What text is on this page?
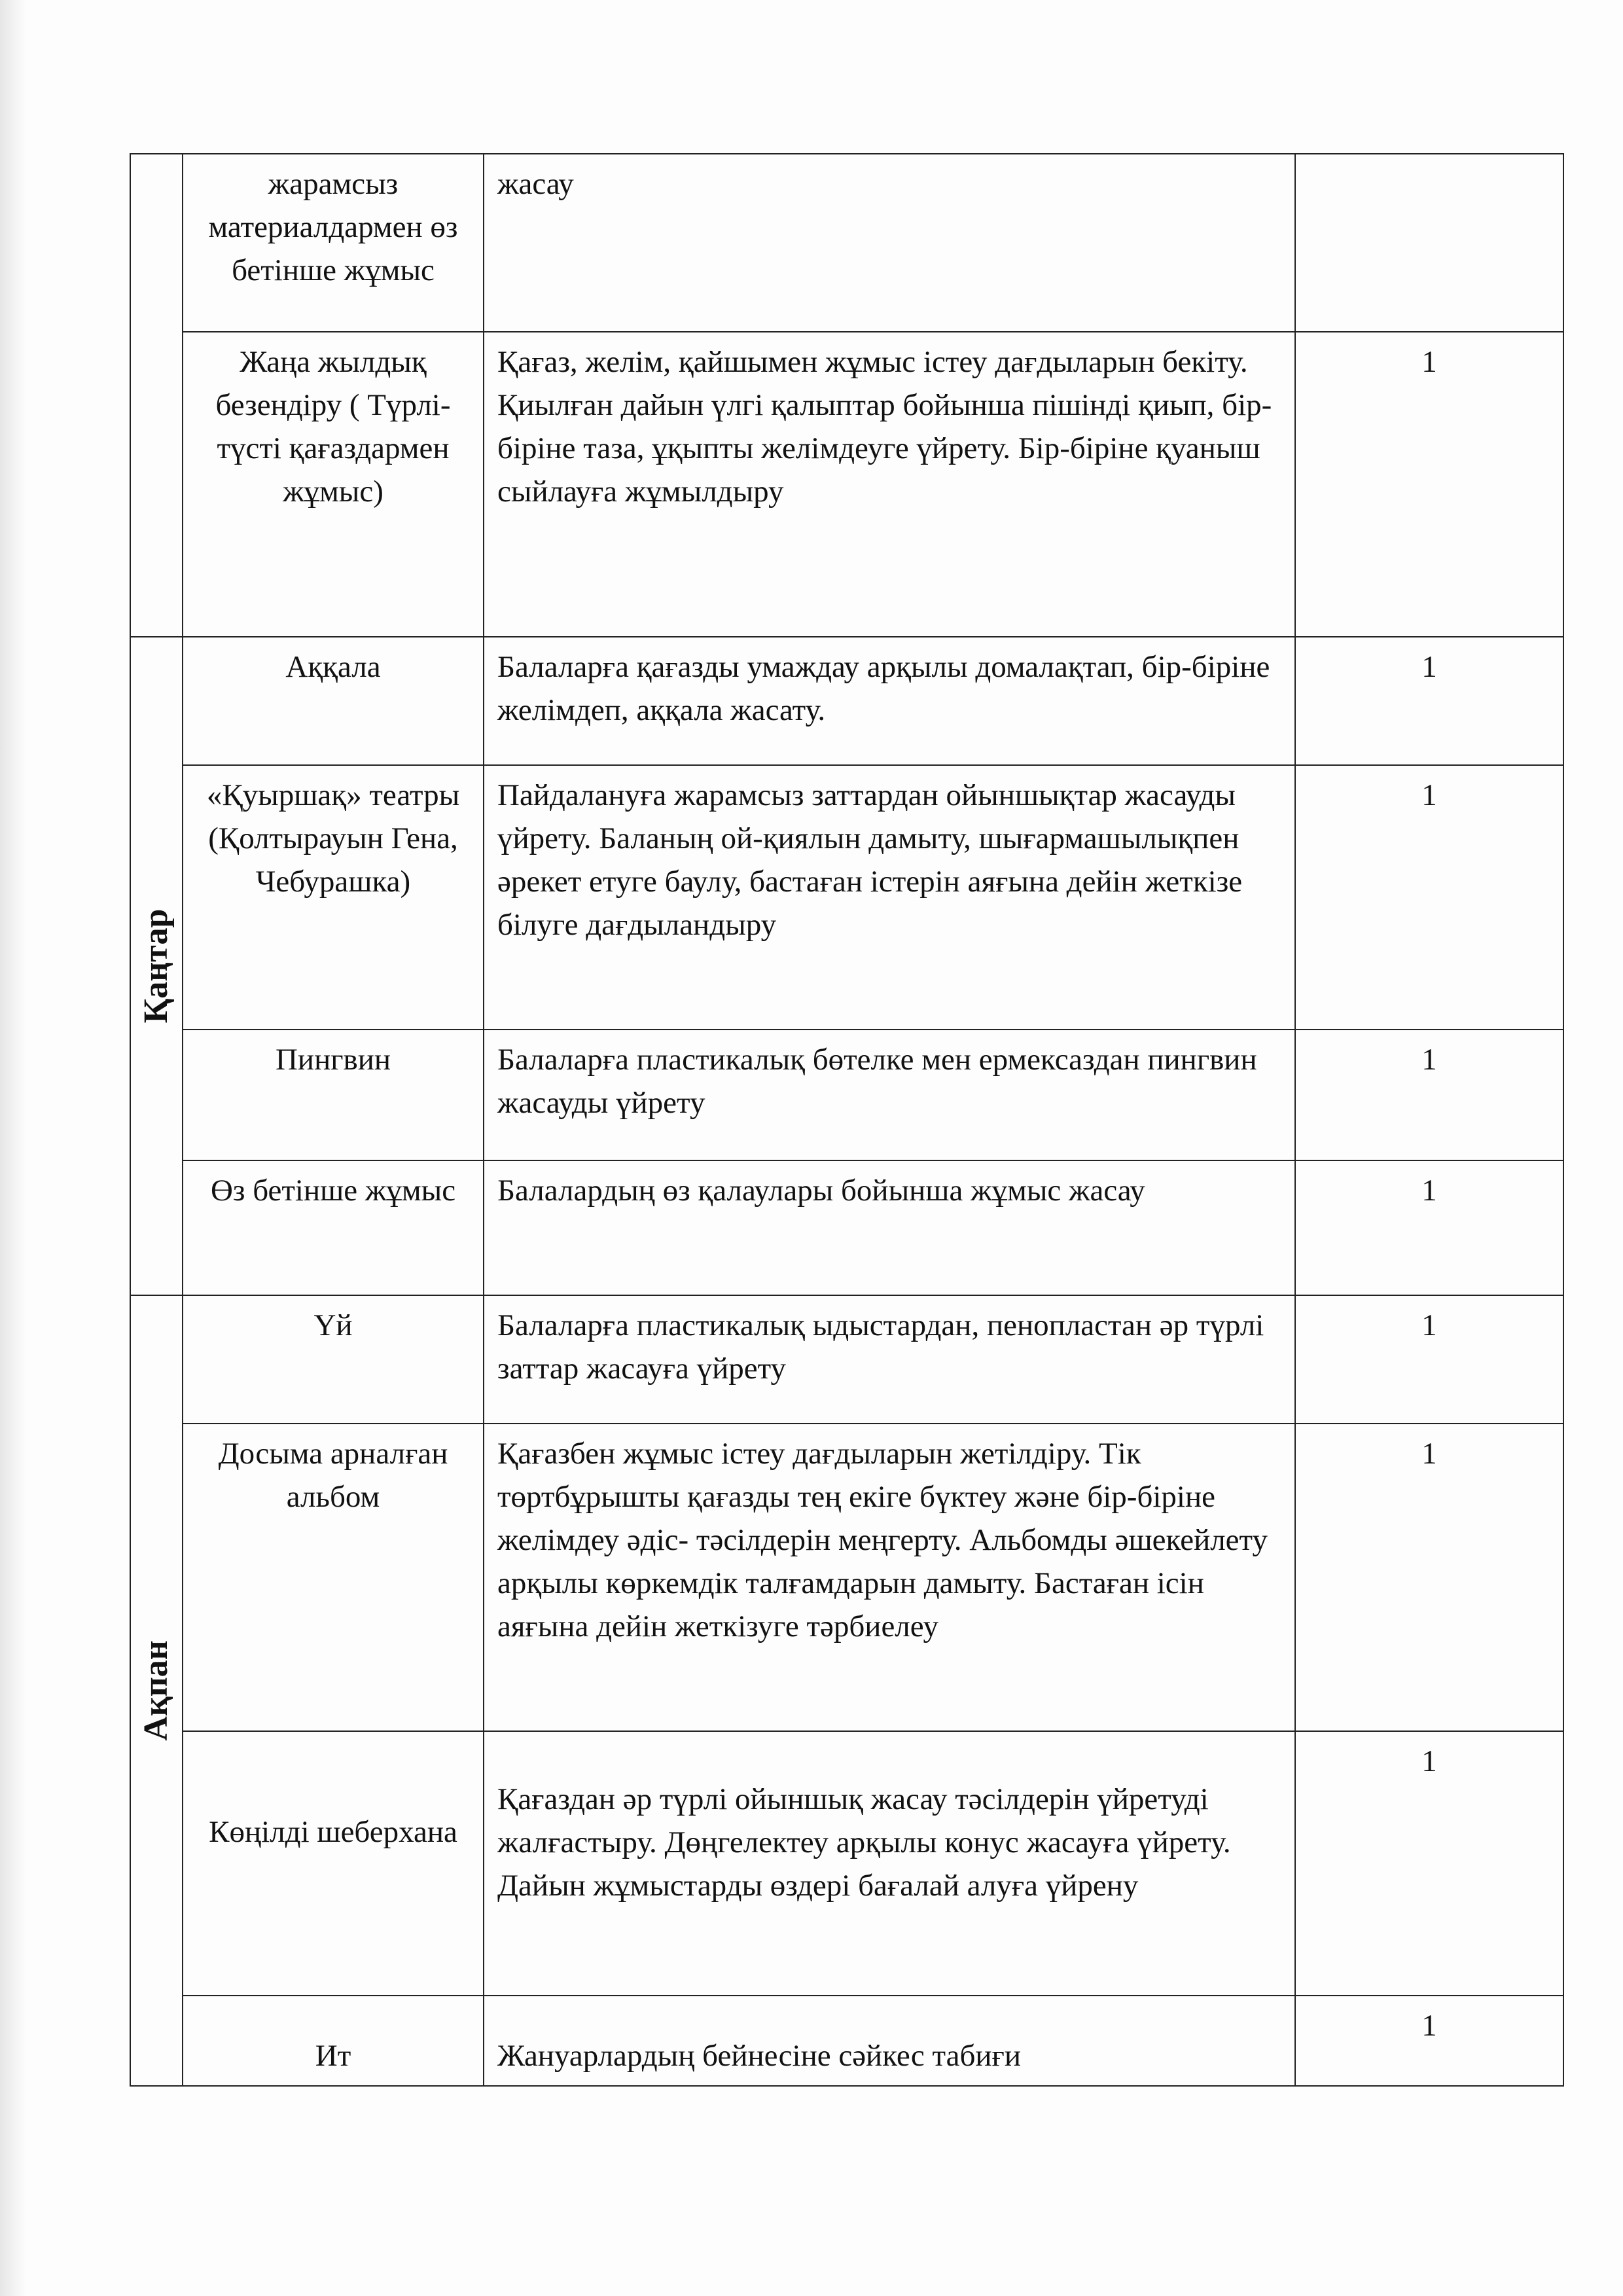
	жарамсыз материалдармен өз бетінше жұмыс	жасау	
	Жаңа жылдық безендіру ( Түрлі-түсті қағаздармен жұмыс)	Қағаз, желім, қайшымен жұмыс істеу дағдыларын бекіту. Қиылған дайын үлгі қалыптар бойынша пішінді қиып, бір-біріне таза, ұқыпты желімдеуге үйрету. Бір-біріне қуаныш сыйлауға жұмылдыру	1

Қаңтар	Аққала	Балаларға қағазды умаждау арқылы домалақтап, бір-біріне желімдеп, аққала жасату.	1
	«Қуыршақ» театры (Қолтырауын Гена, Чебурашка)	Пайдалануға жарамсыз заттардан ойыншықтар жасауды үйрету. Баланың ой-қиялын дамыту, шығармашылықпен әрекет етуге баулу, бастаған істерін аяғына дейін жеткізе білуге дағдыландыру	1
	Пингвин	Балаларға пластикалық бөтелке мен ермексаздан пингвин жасауды үйрету	1
	Өз бетінше жұмыс	Балалардың өз қалаулары бойынша жұмыс жасау	1

Ақпан	Үй	Балаларға пластикалық ыдыстардан, пенопластан әр түрлі заттар жасауға үйрету	1
	Досыма арналған альбом	Қағазбен жұмыс істеу дағдыларын жетілдіру. Тік төртбұрышты қағазды тең екіге бүктеу және бір-біріне желімдеу әдіс- тәсілдерін меңгерту. Альбомды әшекейлету арқылы көркемдік талғамдарын дамыту. Бастаған ісін аяғына дейін жеткізуге тәрбиелеу	1
	Көңілді шеберхана	Қағаздан әр түрлі ойыншық жасау тәсілдерін үйретуді жалғастыру. Дөңгелектеу арқылы конус жасауға үйрету. Дайын жұмыстарды өздері бағалай алуға үйрену	1
	Ит	Жануарлардың бейнесіне сәйкес табиғи	1
